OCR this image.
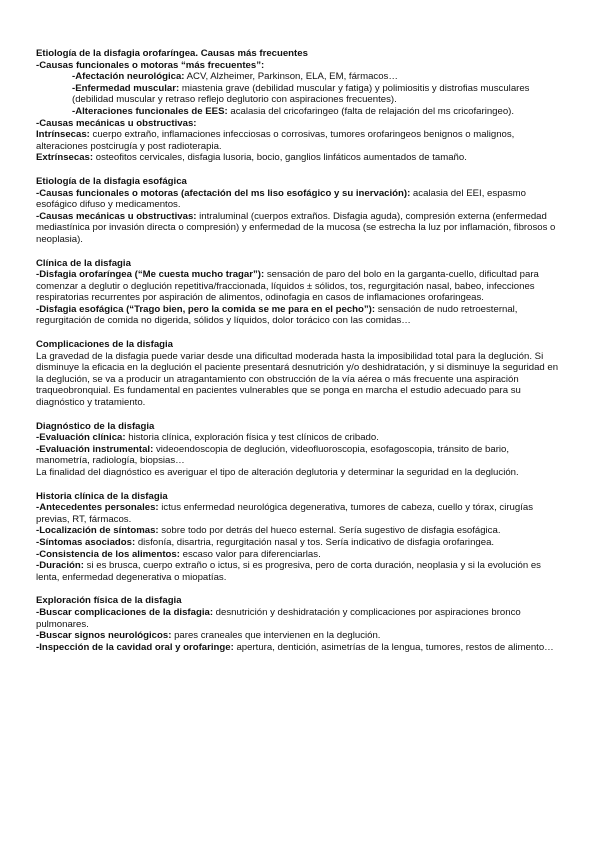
Etiología de la disfagia orofaríngea. Causas más frecuentes

-Causas funcionales o motoras “más frecuentes”:

-Afectación neurológica: ACV, Alzheimer, Parkinson, ELA, EM, fármacos…

-Enfermedad muscular: miastenia grave (debilidad muscular y fatiga) y polimiositis y distrofias musculares (debilidad muscular y retraso reflejo deglutorio con aspiraciones frecuentes).

-Alteraciones funcionales de EES: acalasia del cricofaringeo (falta de relajación del ms cricofaringeo).

-Causas mecánicas u obstructivas:

Intrínsecas: cuerpo extraño, inflamaciones infecciosas o corrosivas, tumores orofaringeos benignos o malignos, alteraciones postcirugía y post radioterapia.

Extrínsecas: osteofitos cervicales, disfagia lusoria, bocio, ganglios linfáticos aumentados de tamaño.

Etiología de la disfagia esofágica

-Causas funcionales o motoras (afectación del ms liso esofágico y su inervación): acalasia del EEI, espasmo esofágico difuso y medicamentos.

-Causas mecánicas u obstructivas: intraluminal (cuerpos extraños. Disfagia aguda), compresión externa (enfermedad mediastínica por invasión directa o compresión) y enfermedad de la mucosa (se estrecha la luz por inflamación, fibrosos o neoplasia).

Clínica de la disfagia

-Disfagia orofaríngea (“Me cuesta mucho tragar”): sensación de paro del bolo en la garganta-cuello, dificultad para comenzar a deglutir o deglución repetitiva/fraccionada, líquidos ± sólidos, tos, regurgitación nasal, babeo, infecciones respiratorias recurrentes por aspiración de alimentos, odinofagia en casos de inflamaciones orofaringeas.

-Disfagia esofágica (“Trago bien, pero la comida se me para en el pecho”): sensación de nudo retroesternal, regurgitación de comida no digerida, sólidos y líquidos, dolor torácico con las comidas…

Complicaciones de la disfagia

La gravedad de la disfagia puede variar desde una dificultad moderada hasta la imposibilidad total para la deglución. Si disminuye la eficacia en la deglución el paciente presentará desnutrición y/o deshidratación, y si disminuye la seguridad en la deglución, se va a producir un atragantamiento con obstrucción de la vía aérea o más frecuente una aspiración traqueobronquial. Es fundamental en pacientes vulnerables que se ponga en marcha el estudio adecuado para su diagnóstico y tratamiento.

Diagnóstico de la disfagia

-Evaluación clínica: historia clínica, exploración física y test clínicos de cribado.

-Evaluación instrumental: videoendoscopia de deglución, videofluoroscopia, esofagoscopia, tránsito de bario, manometría, radiología, biopsias…

La finalidad del diagnóstico es averiguar el tipo de alteración deglutoria y determinar la seguridad en la deglución.

Historia clínica de la disfagia

-Antecedentes personales: ictus enfermedad neurológica degenerativa, tumores de cabeza, cuello y tórax, cirugías previas, RT, fármacos.

-Localización de síntomas: sobre todo por detrás del hueco esternal. Sería sugestivo de disfagia esofágica.

-Síntomas asociados: disfonía, disartria, regurgitación nasal y tos. Sería indicativo de disfagia orofaringea.

-Consistencia de los alimentos: escaso valor para diferenciarlas.

-Duración: si es brusca, cuerpo extraño o ictus, si es progresiva, pero de corta duración, neoplasia y si la evolución es lenta, enfermedad degenerativa o miopatías.

Exploración física de la disfagia

-Buscar complicaciones de la disfagia: desnutrición y deshidratación y complicaciones por aspiraciones bronco pulmonares.

-Buscar signos neurológicos: pares craneales que intervienen en la deglución.

-Inspección de la cavidad oral y orofaringe: apertura, dentición, asimetrías de la lengua, tumores, restos de alimento…
